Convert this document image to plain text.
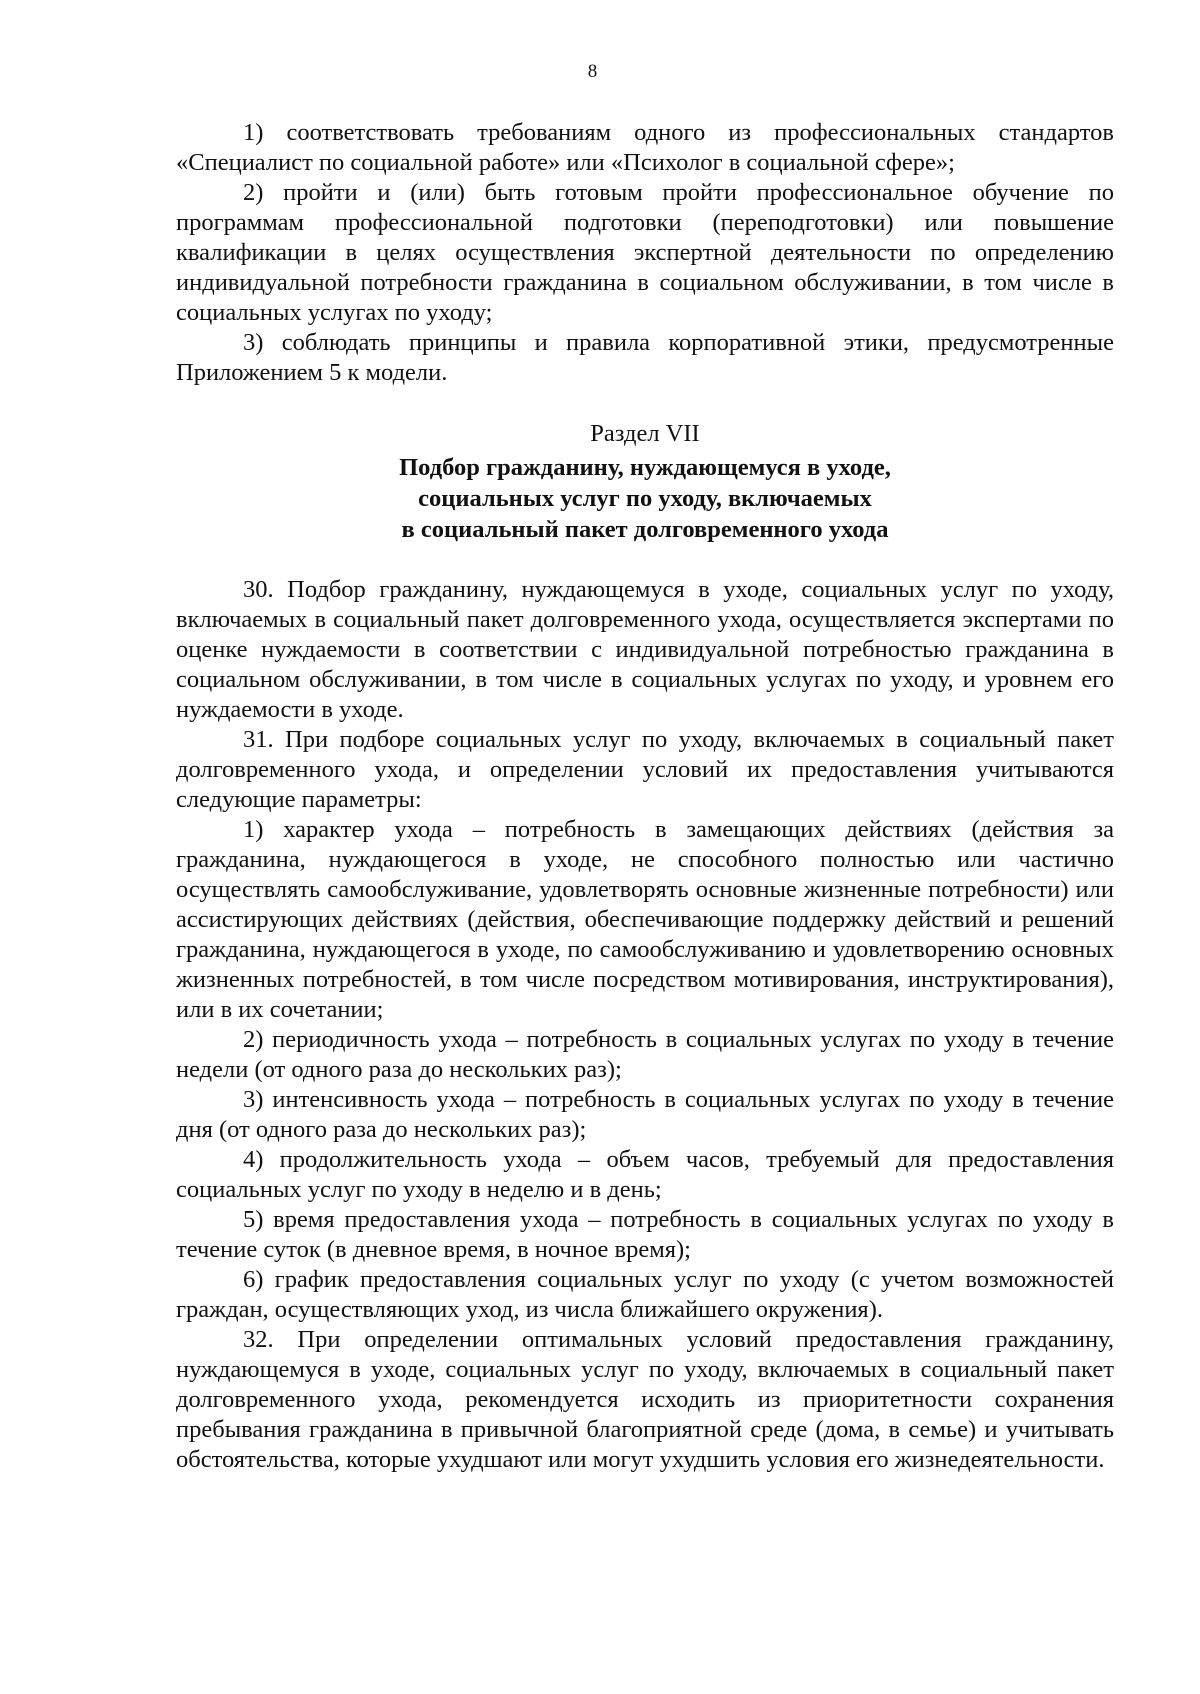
8

1) соответствовать требованиям одного из профессиональных стандартов «Специалист по социальной работе» или «Психолог в социальной сфере»;

2) пройти и (или) быть готовым пройти профессиональное обучение по программам профессиональной подготовки (переподготовки) или повышение квалификации в целях осуществления экспертной деятельности по определению индивидуальной потребности гражданина в социальном обслуживании, в том числе в социальных услугах по уходу;

3) соблюдать принципы и правила корпоративной этики, предусмотренные Приложением 5 к модели.

Раздел VII

Подбор гражданину, нуждающемуся в уходе,

социальных услуг по уходу, включаемых

в социальный пакет долговременного ухода

30. Подбор гражданину, нуждающемуся в уходе, социальных услуг по уходу, включаемых в социальный пакет долговременного ухода, осуществляется экспертами по оценке нуждаемости в соответствии с индивидуальной потребностью гражданина в социальном обслуживании, в том числе в социальных услугах по уходу, и уровнем его нуждаемости в уходе.

31. При подборе социальных услуг по уходу, включаемых в социальный пакет долговременного ухода, и определении условий их предоставления учитываются следующие параметры:

1) характер ухода – потребность в замещающих действиях (действия за гражданина, нуждающегося в уходе, не способного полностью или частично осуществлять самообслуживание, удовлетворять основные жизненные потребности) или ассистирующих действиях (действия, обеспечивающие поддержку действий и решений гражданина, нуждающегося в уходе, по самообслуживанию и удовлетворению основных жизненных потребностей, в том числе посредством мотивирования, инструктирования), или в их сочетании;

2) периодичность ухода – потребность в социальных услугах по уходу в течение недели (от одного раза до нескольких раз);

3) интенсивность ухода – потребность в социальных услугах по уходу в течение дня (от одного раза до нескольких раз);

4) продолжительность ухода – объем часов, требуемый для предоставления социальных услуг по уходу в неделю и в день;

5) время предоставления ухода – потребность в социальных услугах по уходу в течение суток (в дневное время, в ночное время);

6) график предоставления социальных услуг по уходу (с учетом возможностей граждан, осуществляющих уход, из числа ближайшего окружения).

32. При определении оптимальных условий предоставления гражданину, нуждающемуся в уходе, социальных услуг по уходу, включаемых в социальный пакет долговременного ухода, рекомендуется исходить из приоритетности сохранения пребывания гражданина в привычной благоприятной среде (дома, в семье) и учитывать обстоятельства, которые ухудшают или могут ухудшить условия его жизнедеятельности.
